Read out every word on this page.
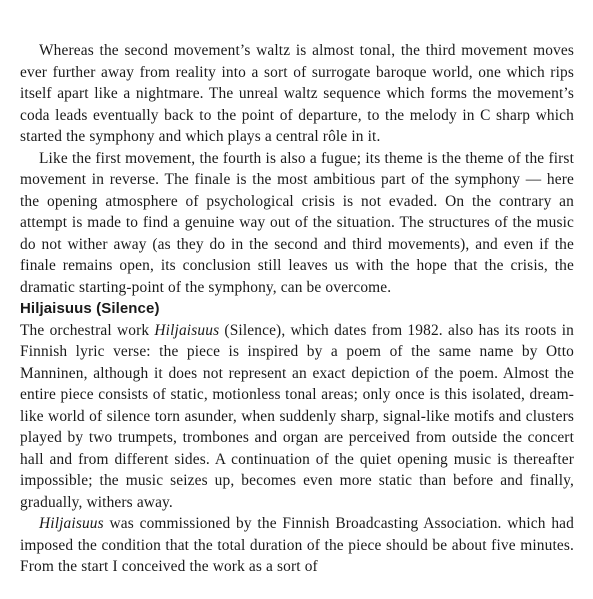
Whereas the second movement’s waltz is almost tonal, the third movement moves ever further away from reality into a sort of surrogate baroque world, one which rips itself apart like a nightmare. The unreal waltz sequence which forms the movement’s coda leads eventually back to the point of departure, to the melody in C sharp which started the symphony and which plays a central rôle in it.

Like the first movement, the fourth is also a fugue; its theme is the theme of the first movement in reverse. The finale is the most ambitious part of the symphony — here the opening atmosphere of psychological crisis is not evaded. On the contrary an attempt is made to find a genuine way out of the situation. The structures of the music do not wither away (as they do in the second and third movements), and even if the finale remains open, its conclusion still leaves us with the hope that the crisis, the dramatic starting-point of the symphony, can be overcome.

Hiljaisuus (Silence)

The orchestral work Hiljaisuus (Silence), which dates from 1982. also has its roots in Finnish lyric verse: the piece is inspired by a poem of the same name by Otto Manninen, although it does not represent an exact depiction of the poem. Almost the entire piece consists of static, motionless tonal areas; only once is this isolated, dream-like world of silence torn asunder, when suddenly sharp, signal-like motifs and clusters played by two trumpets, trombones and organ are perceived from outside the concert hall and from different sides. A continuation of the quiet opening music is thereafter impossible; the music seizes up, becomes even more static than before and finally, gradually, withers away.

Hiljaisuus was commissioned by the Finnish Broadcasting Association. which had imposed the condition that the total duration of the piece should be about five minutes. From the start I conceived the work as a sort of
